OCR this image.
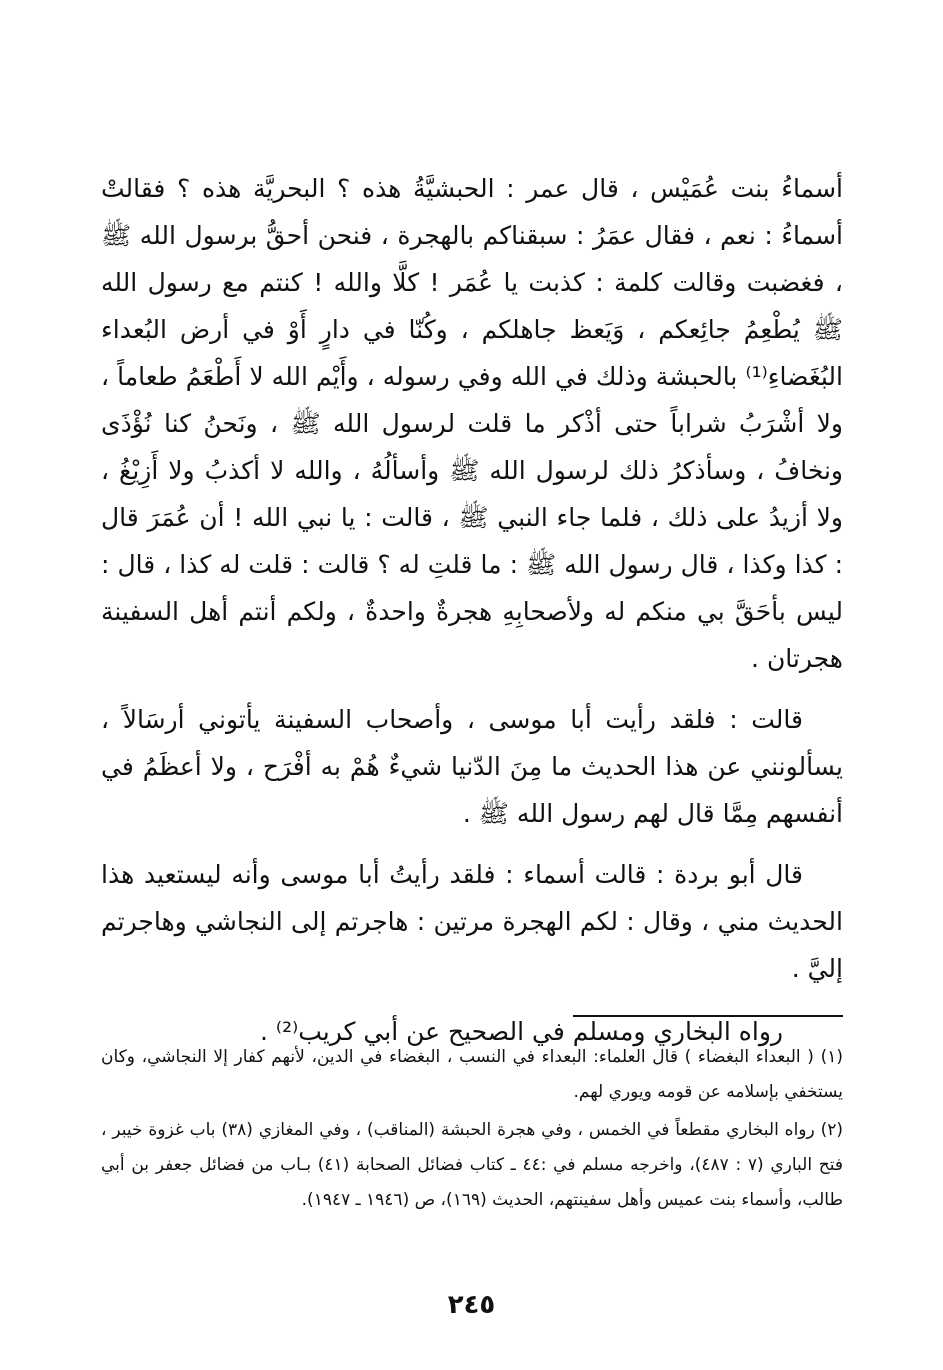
أسماءُ بنت عُمَيْس ، قال عمر : الحبشيَّةُ هذه ؟ البحريَّة هذه ؟ فقالتْ أسماءُ : نعم ، فقال عمَرُ : سبقناكم بالهجرة ، فنحن أحقُّ برسول الله ﷺ ، فغضبت وقالت كلمة : كذبت يا عُمَر ! كلَّا والله ! كنتم مع رسول الله ﷺ يُطْعِمُ جائِعكم ، وَيَعظ جاهلكم ، وكُنّا في دارٍ أَوْ في أرض البُعداء البُغَضاءِ⁽¹⁾ بالحبشة وذلك في الله وفي رسوله ، وأَيْم الله لا أَطْعَمُ طعاماً ، ولا أشْرَبُ شراباً حتى أذْكر ما قلت لرسول الله ﷺ ، ونَحنُ كنا نُؤْذَى ونخافُ ، وسأذكرُ ذلك لرسول الله ﷺ وأسألُهُ ، والله لا أكذبُ ولا أَزِيْغُ ، ولا أزيدُ على ذلك ، فلما جاء النبي ﷺ ، قالت : يا نبي الله ! أن عُمَرَ قال : كذا وكذا ، قال رسول الله ﷺ : ما قلتِ له ؟ قالت : قلت له كذا ، قال : ليس بأحَقَّ بي منكم له ولأصحابِهِ هجرةٌ واحدةٌ ، ولكم أنتم أهل السفينة هجرتان .

قالت : فلقد رأيت أبا موسى ، وأصحاب السفينة يأتوني أرسَالاً ، يسألونني عن هذا الحديث ما مِنَ الدّنيا شيءٌ هُمْ به أفْرَح ، ولا أعظَمُ في أنفسهم مِمَّا قال لهم رسول الله ﷺ .

قال أبو بردة : قالت أسماء : فلقد رأيتُ أبا موسى وأنه ليستعيد هذا الحديث مني ، وقال : لكم الهجرة مرتين : هاجرتم إلى النجاشي وهاجرتم إليَّ .

رواه البخاري ومسلم في الصحيح عن أبي كريب⁽²⁾ .

(١) ( البعداء البغضاء ) قال العلماء: البعداء في النسب ، البغضاء في الدين، لأنهم كفار إلا النجاشي، وكان يستخفي بإسلامه عن قومه ويوري لهم.

(٢) رواه البخاري مقطعاً في الخمس ، وفي هجرة الحبشة (المناقب) ، وفي المغازي (٣٨) باب غزوة خيبر ، فتح الباري (٧ : ٤٨٧)، واخرجه مسلم في :٤٤ ـ كتاب فضائل الصحابة (٤١) بـاب من فضائل جعفر بن أبي طالب، وأسماء بنت عميس وأهل سفينتهم، الحديث (١٦٩)، ص (١٩٤٦ ـ ١٩٤٧).

٢٤٥
